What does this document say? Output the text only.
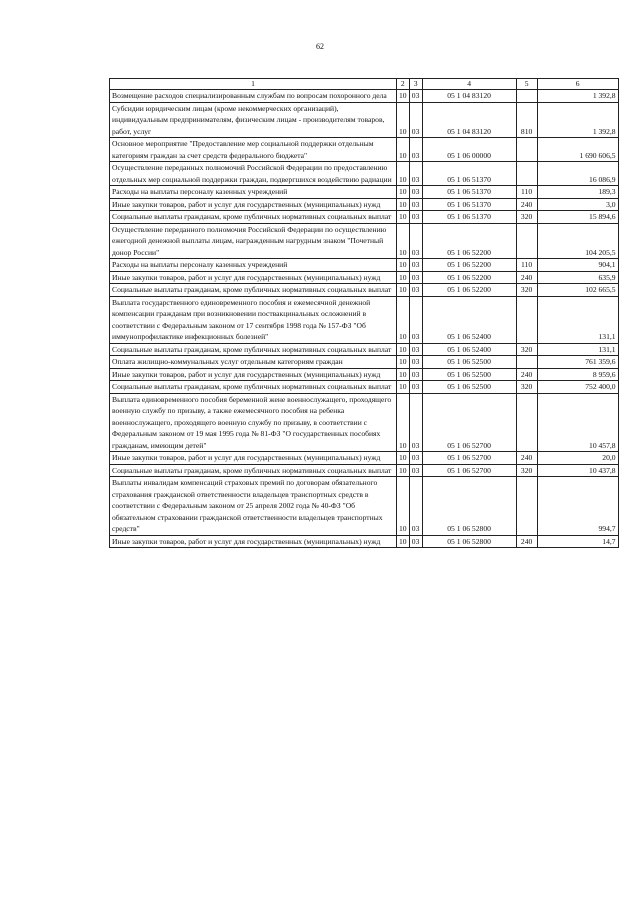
62
1	2	3	4	5	6
Возмещение расходов специализированным службам по вопросам похоронного дела	10	03	05 1 04 83120		1 392,8
Субсидии юридическим лицам (кроме некоммерческих организаций), индивидуальным предпринимателям, физическим лицам - производителям товаров, работ, услуг	10	03	05 1 04 83120	810	1 392,8
Основное мероприятие "Предоставление мер социальной поддержки отдельным категориям граждан за счет средств федерального бюджета"	10	03	05 1 06 00000		1 690 606,5
Осуществление переданных полномочий Российской Федерации по предоставлению отдельных мер социальной поддержки граждан, подвергшихся воздействию радиации	10	03	05 1 06 51370		16 086,9
Расходы на выплаты персоналу казенных учреждений	10	03	05 1 06 51370	110	189,3
Иные закупки товаров, работ и услуг для государственных (муниципальных) нужд	10	03	05 1 06 51370	240	3,0
Социальные выплаты гражданам, кроме публичных нормативных социальных выплат	10	03	05 1 06 51370	320	15 894,6
Осуществление переданного полномочия Российской Федерации по осуществлению ежегодной денежной выплаты лицам, награжденным нагрудным знаком "Почетный донор России"	10	03	05 1 06 52200		104 205,5
Расходы на выплаты персоналу казенных учреждений	10	03	05 1 06 52200	110	904,1
Иные закупки товаров, работ и услуг для государственных (муниципальных) нужд	10	03	05 1 06 52200	240	635,9
Социальные выплаты гражданам, кроме публичных нормативных социальных выплат	10	03	05 1 06 52200	320	102 665,5
Выплата государственного единовременного пособия и ежемесячной денежной компенсации гражданам при возникновении поствакцинальных осложнений в соответствии с Федеральным законом от 17 сентября 1998 года № 157-ФЗ "Об иммунопрофилактике инфекционных болезней"	10	03	05 1 06 52400		131,1
Социальные выплаты гражданам, кроме публичных нормативных социальных выплат	10	03	05 1 06 52400	320	131,1
Оплата жилищно-коммунальных услуг отдельным категориям граждан	10	03	05 1 06 52500		761 359,6
Иные закупки товаров, работ и услуг для государственных (муниципальных) нужд	10	03	05 1 06 52500	240	8 959,6
Социальные выплаты гражданам, кроме публичных нормативных социальных выплат	10	03	05 1 06 52500	320	752 400,0
Выплата единовременного пособия беременной жене военнослужащего, проходящего военную службу по призыву, а также ежемесячного пособия на ребенка военнослужащего, проходящего военную службу по призыву, в соответствии с Федеральным законом от 19 мая 1995 года № 81-ФЗ "О государственных пособиях гражданам, имеющим детей"	10	03	05 1 06 52700		10 457,8
Иные закупки товаров, работ и услуг для государственных (муниципальных) нужд	10	03	05 1 06 52700	240	20,0
Социальные выплаты гражданам, кроме публичных нормативных социальных выплат	10	03	05 1 06 52700	320	10 437,8
Выплаты инвалидам компенсаций страховых премий по договорам обязательного страхования гражданской ответственности владельцев транспортных средств в соответствии с Федеральным законом от 25 апреля 2002 года № 40-ФЗ "Об обязательном страховании гражданской ответственности владельцев транспортных средств"	10	03	05 1 06 52800		994,7
Иные закупки товаров, работ и услуг для государственных (муниципальных) нужд	10	03	05 1 06 52800	240	14,7
